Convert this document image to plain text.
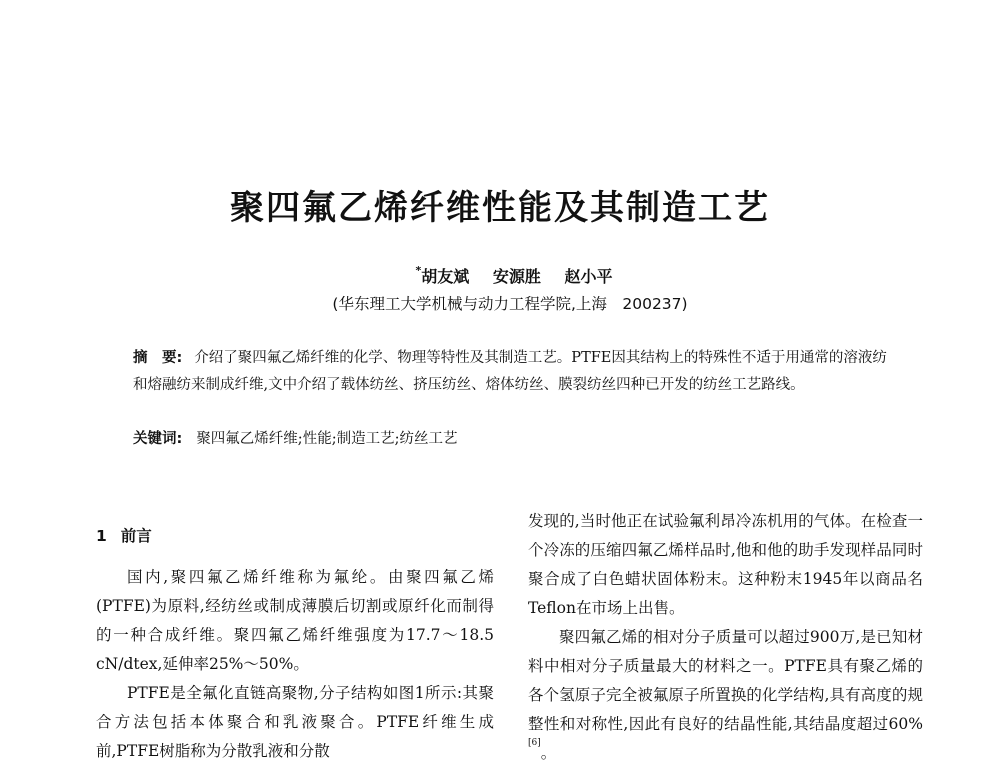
聚四氟乙烯纤维性能及其制造工艺
*胡友斌 安源胜 赵小平
(华东理工大学机械与动力工程学院,上海　200237)
摘　要: 介绍了聚四氟乙烯纤维的化学、物理等特性及其制造工艺。PTFE因其结构上的特殊性不适于用通常的溶液纺和熔融纺来制成纤维,文中介绍了载体纺丝、挤压纺丝、熔体纺丝、膜裂纺丝四种已开发的纺丝工艺路线。
关键词: 聚四氟乙烯纤维;性能;制造工艺;纺丝工艺
1 前言

国内,聚四氟乙烯纤维称为氟纶。由聚四氟乙烯(PTFE)为原料,经纺丝或制成薄膜后切割或原纤化而制得的一种合成纤维。聚四氟乙烯纤维强度为17.7～18.5 cN/dtex,延伸率25%～50%。

PTFE是全氟化直链高聚物,分子结构如图1所示:其聚合方法包括本体聚合和乳液聚合。PTFE纤维生成前,PTFE树脂称为分散乳液和分散

发现的,当时他正在试验氟利昂冷冻机用的气体。在检查一个冷冻的压缩四氟乙烯样品时,他和他的助手发现样品同时聚合成了白色蜡状固体粉末。这种粉末1945年以商品名Teflon在市场上出售。

聚四氟乙烯的相对分子质量可以超过900万,是已知材料中相对分子质量最大的材料之一。PTFE具有聚乙烯的各个氢原子完全被氟原子所置换的化学结构,具有高度的规整性和对称性,因此有良好的结晶性能,其结晶度超过60%[6]。
